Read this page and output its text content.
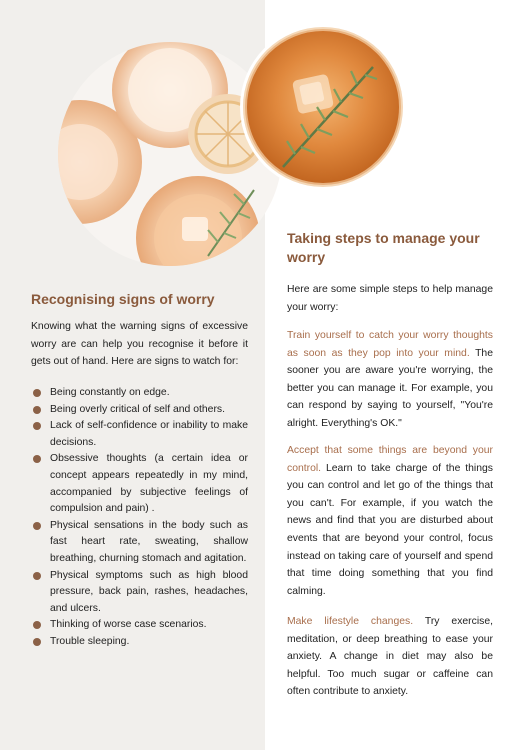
Recognising signs of worry

Knowing what the warning signs of excessive worry are can help you recognise it before it gets out of hand. Here are signs to watch for:

Being constantly on edge.
Being overly critical of self and others.
Lack of self-confidence or inability to make decisions.
Obsessive thoughts (a certain idea or concept appears repeatedly in my mind, accompanied by subjective feelings of compulsion and pain) .
Physical sensations in the body such as fast heart rate, sweating, shallow breathing, churning stomach and agitation.
Physical symptoms such as high blood pressure, back pain, rashes, headaches, and ulcers.
Thinking of worse case scenarios.
Trouble sleeping.
Taking steps to manage your worry

Here are some simple steps to help manage your worry:

Train yourself to catch your worry thoughts as soon as they pop into your mind. The sooner you are aware you're worrying, the better you can manage it. For example, you can respond by saying to yourself, "You're alright. Everything's OK."

Accept that some things are beyond your control. Learn to take charge of the things you can control and let go of the things that you can't. For example, if you watch the news and find that you are disturbed about events that are beyond your control, focus instead on taking care of yourself and spend that time doing something that you find calming.

Make lifestyle changes. Try exercise, meditation, or deep breathing to ease your anxiety. A change in diet may also be helpful. Too much sugar or caffeine can often contribute to anxiety.
